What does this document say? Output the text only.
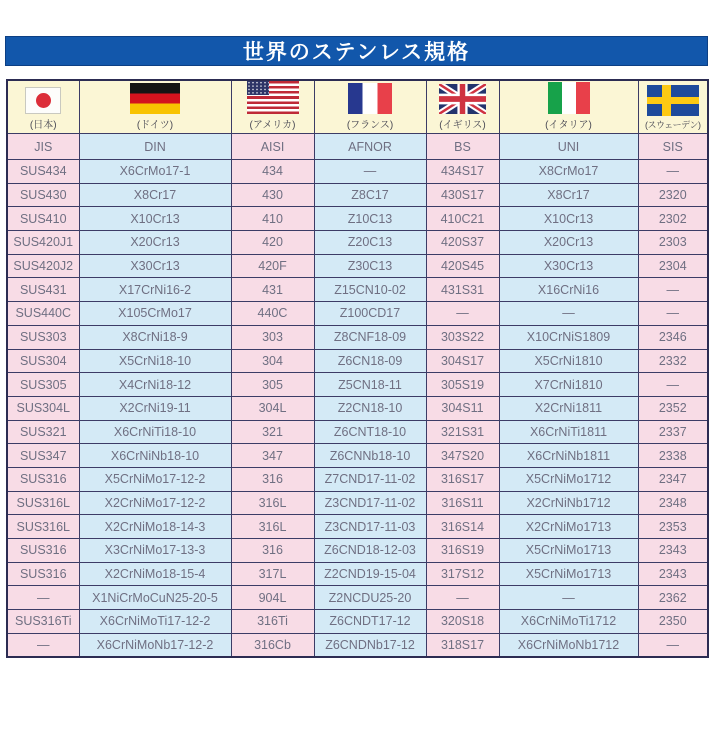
世界のステンレス規格
(日本)	(ドイツ)	(アメリカ)	(フランス)	(イギリス)	(イタリア)	(スウェーデン)

JIS	DIN	AISI	AFNOR	BS	UNI	SIS
SUS434	X6CrMo17-1	434	—	434S17	X8CrMo17	—
SUS430	X8Cr17	430	Z8C17	430S17	X8Cr17	2320
SUS410	X10Cr13	410	Z10C13	410C21	X10Cr13	2302
SUS420J1	X20Cr13	420	Z20C13	420S37	X20Cr13	2303
SUS420J2	X30Cr13	420F	Z30C13	420S45	X30Cr13	2304
SUS431	X17CrNi16-2	431	Z15CN10-02	431S31	X16CrNi16	—
SUS440C	X105CrMo17	440C	Z100CD17	—	—	—
SUS303	X8CrNi18-9	303	Z8CNF18-09	303S22	X10CrNiS1809	2346
SUS304	X5CrNi18-10	304	Z6CN18-09	304S17	X5CrNi1810	2332
SUS305	X4CrNi18-12	305	Z5CN18-11	305S19	X7CrNi1810	—
SUS304L	X2CrNi19-11	304L	Z2CN18-10	304S11	X2CrNi1811	2352
SUS321	X6CrNiTi18-10	321	Z6CNT18-10	321S31	X6CrNiTi1811	2337
SUS347	X6CrNiNb18-10	347	Z6CNNb18-10	347S20	X6CrNiNb1811	2338
SUS316	X5CrNiMo17-12-2	316	Z7CND17-11-02	316S17	X5CrNiMo1712	2347
SUS316L	X2CrNiMo17-12-2	316L	Z3CND17-11-02	316S11	X2CrNiNb1712	2348
SUS316L	X2CrNiMo18-14-3	316L	Z3CND17-11-03	316S14	X2CrNiMo1713	2353
SUS316	X3CrNiMo17-13-3	316	Z6CND18-12-03	316S19	X5CrNiMo1713	2343
SUS316	X2CrNiMo18-15-4	317L	Z2CND19-15-04	317S12	X5CrNiMo1713	2343
—	X1NiCrMoCuN25-20-5	904L	Z2NCDU25-20	—	—	2362
SUS316Ti	X6CrNiMoTi17-12-2	316Ti	Z6CNDT17-12	320S18	X6CrNiMoTi1712	2350
—	X6CrNiMoNb17-12-2	316Cb	Z6CNDNb17-12	318S17	X6CrNiMoNb1712	—
